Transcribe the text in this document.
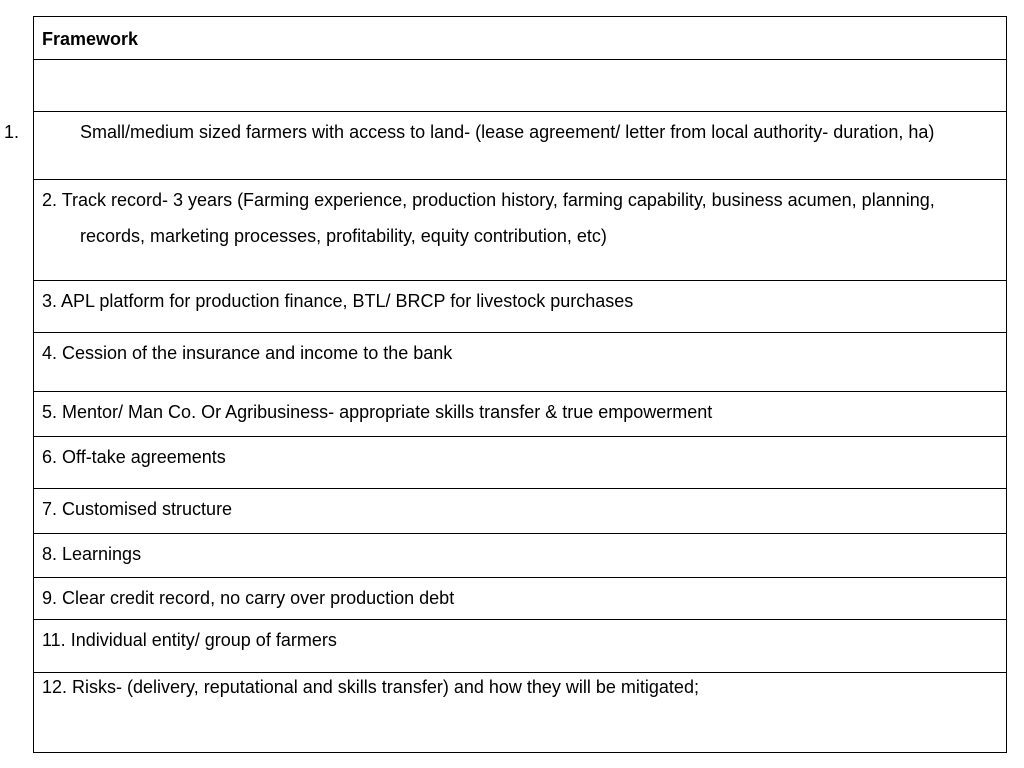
Framework
1.	Small/medium sized farmers with access to land- (lease agreement/ letter from local authority- duration, ha)
2. Track record- 3 years (Farming experience, production history, farming capability, business acumen, planning, records, marketing processes, profitability, equity contribution, etc)
3. APL platform for production finance, BTL/ BRCP for livestock purchases
4. Cession of the insurance and income to the bank
5. Mentor/ Man Co. Or Agribusiness- appropriate skills transfer & true empowerment
6. Off-take agreements
7. Customised structure
8. Learnings
9. Clear credit record, no carry over production debt
11. Individual entity/ group of farmers
12. Risks- (delivery, reputational and skills transfer) and how they will be mitigated;
